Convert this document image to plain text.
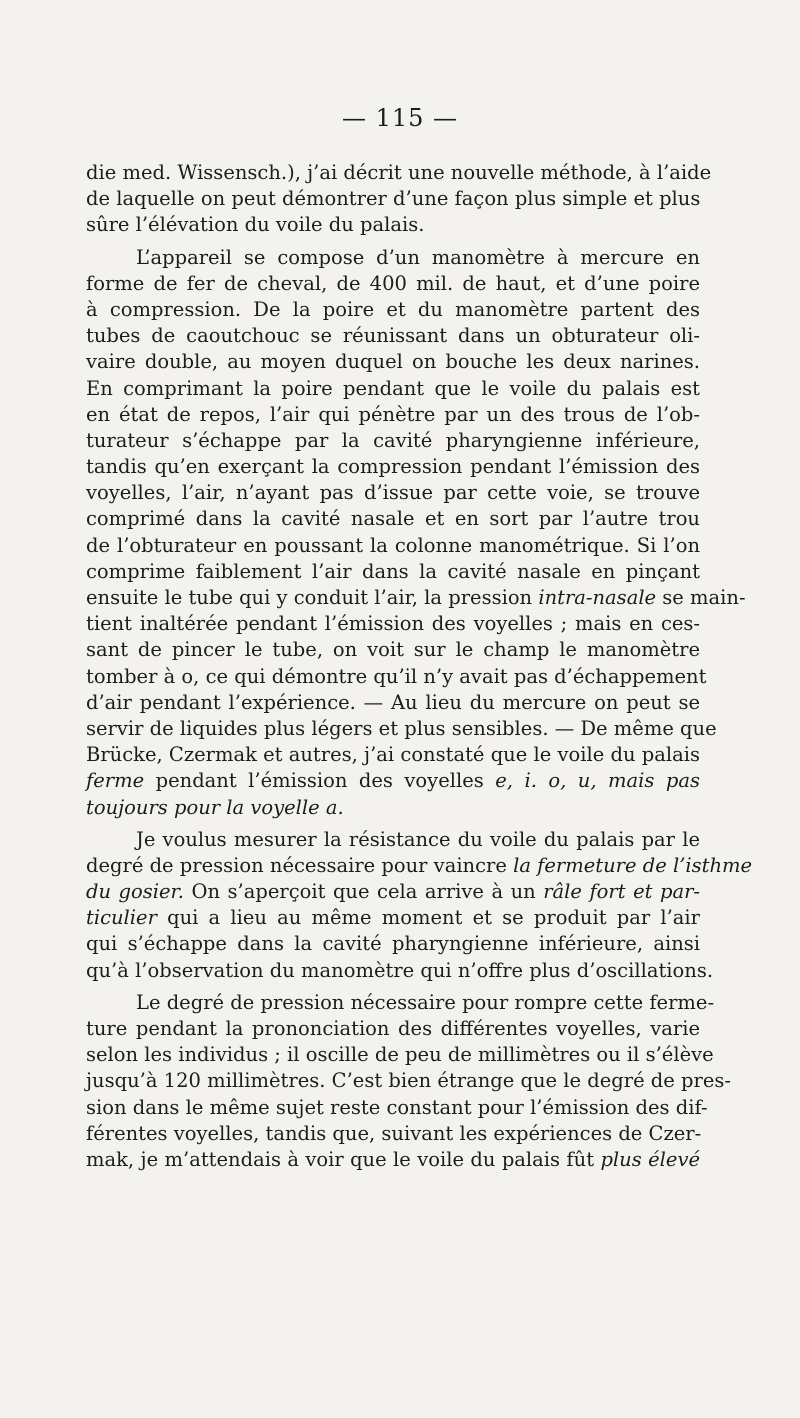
— 115 —
die med. Wissensch.), j’ai décrit une nouvelle méthode, à l’aide
de laquelle on peut démontrer d’une façon plus simple et plus
sûre l’élévation du voile du palais.
L’appareil se compose d’un manomètre à mercure en
forme de fer de cheval, de 400 mil. de haut, et d’une poire
à compression. De la poire et du manomètre partent des
tubes de caoutchouc se réunissant dans un obturateur oli-
vaire double, au moyen duquel on bouche les deux narines.
En comprimant la poire pendant que le voile du palais est
en état de repos, l’air qui pénètre par un des trous de l’ob-
turateur s’échappe par la cavité pharyngienne inférieure,
tandis qu’en exerçant la compression pendant l’émission des
voyelles, l’air, n’ayant pas d’issue par cette voie, se trouve
comprimé dans la cavité nasale et en sort par l’autre trou
de l’obturateur en poussant la colonne manométrique. Si l’on
comprime faiblement l’air dans la cavité nasale en pinçant
ensuite le tube qui y conduit l’air, la pression intra-nasale se main-
tient inaltérée pendant l’émission des voyelles ; mais en ces-
sant de pincer le tube, on voit sur le champ le manomètre
tomber à o, ce qui démontre qu’il n’y avait pas d’échappement
d’air pendant l’expérience. — Au lieu du mercure on peut se
servir de liquides plus légers et plus sensibles. — De même que
Brücke, Czermak et autres, j’ai constaté que le voile du palais
ferme pendant l’émission des voyelles e, i. o, u, mais pas
toujours pour la voyelle a.
Je voulus mesurer la résistance du voile du palais par le
degré de pression nécessaire pour vaincre la fermeture de l’isthme
du gosier. On s’aperçoit que cela arrive à un râle fort et par-
ticulier qui a lieu au même moment et se produit par l’air
qui s’échappe dans la cavité pharyngienne inférieure, ainsi
qu’à l’observation du manomètre qui n’offre plus d’oscillations.
Le degré de pression nécessaire pour rompre cette ferme-
ture pendant la prononciation des différentes voyelles, varie
selon les individus ; il oscille de peu de millimètres ou il s’élève
jusqu’à 120 millimètres. C’est bien étrange que le degré de pres-
sion dans le même sujet reste constant pour l’émission des dif-
férentes voyelles, tandis que, suivant les expériences de Czer-
mak, je m’attendais à voir que le voile du palais fût plus élevé
